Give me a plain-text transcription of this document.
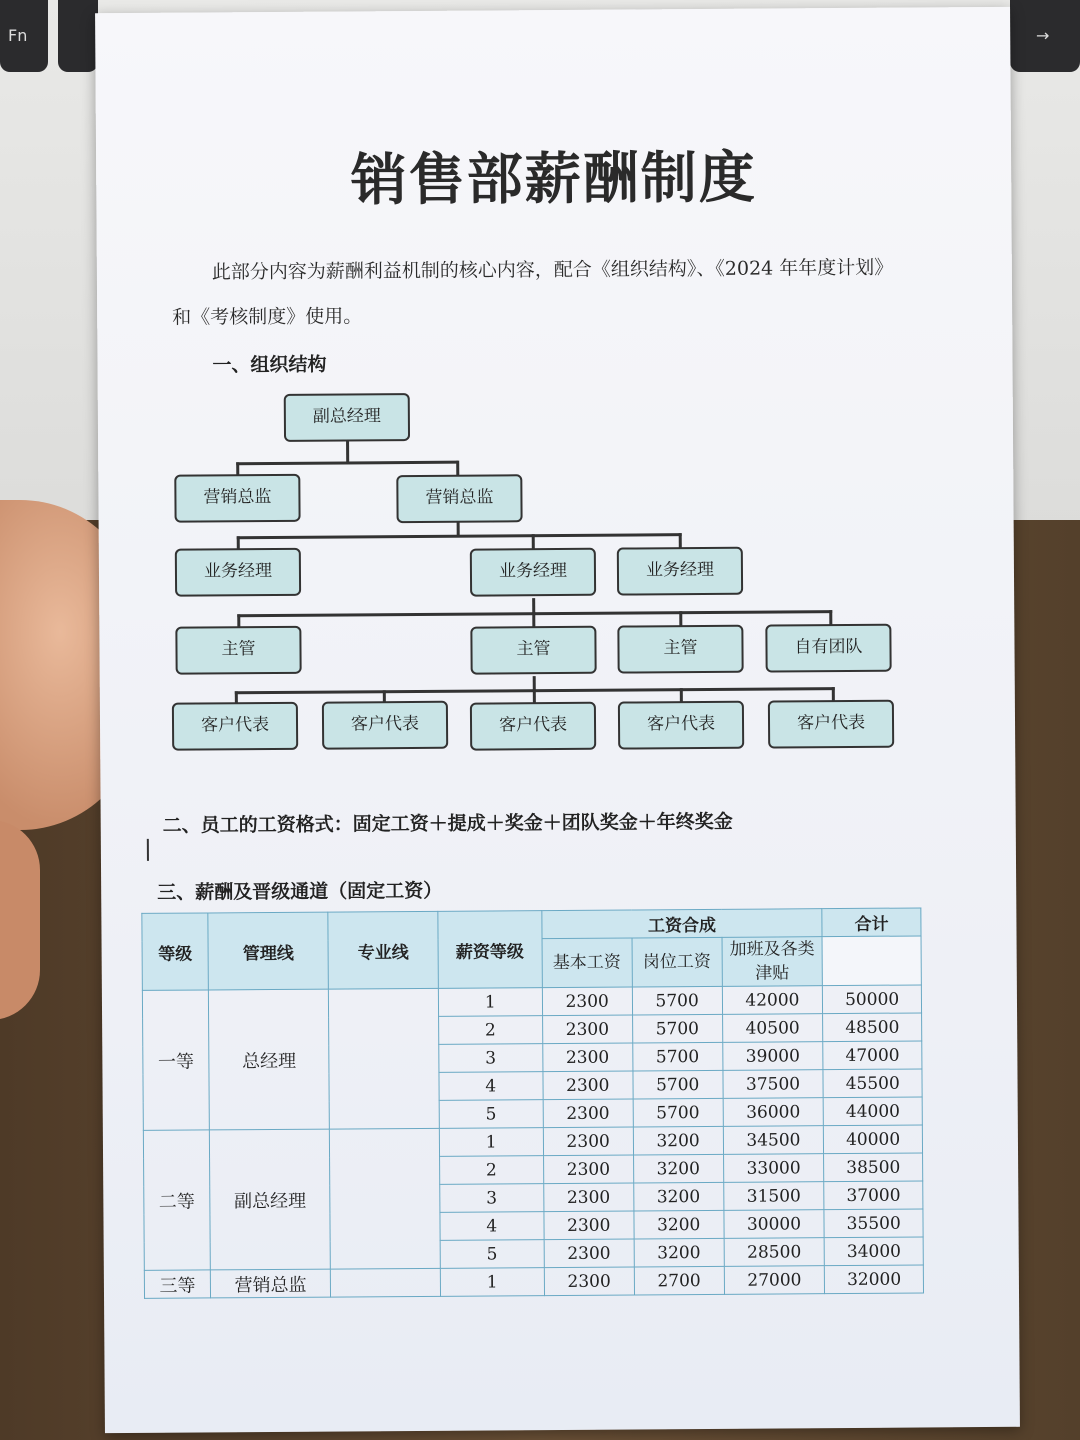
Fn	→
销售部薪酬制度

此部分内容为薪酬利益机制的核心内容，配合《组织结构》、《2024 年年度计划》

和《考核制度》使用。

一、组织结构
副总经理
营销总监	营销总监
业务经理	业务经理	业务经理
主管	主管	主管	自有团队
客户代表	客户代表	客户代表	客户代表	客户代表
二、员工的工资格式：固定工资＋提成＋奖金＋团队奖金＋年终奖金
三、薪酬及晋级通道（固定工资）
等级	管理线	专业线	薪资等级	工资合成			合计
				基本工资	岗位工资	加班及各类津贴	
一等	总经理		1	2300	5700	42000	50000
			2	2300	5700	40500	48500
			3	2300	5700	39000	47000
			4	2300	5700	37500	45500
			5	2300	5700	36000	44000
二等	副总经理		1	2300	3200	34500	40000
			2	2300	3200	33000	38500
			3	2300	3200	31500	37000
			4	2300	3200	30000	35500
			5	2300	3200	28500	34000
三等	营销总监		1	2300	2700	27000	32000
